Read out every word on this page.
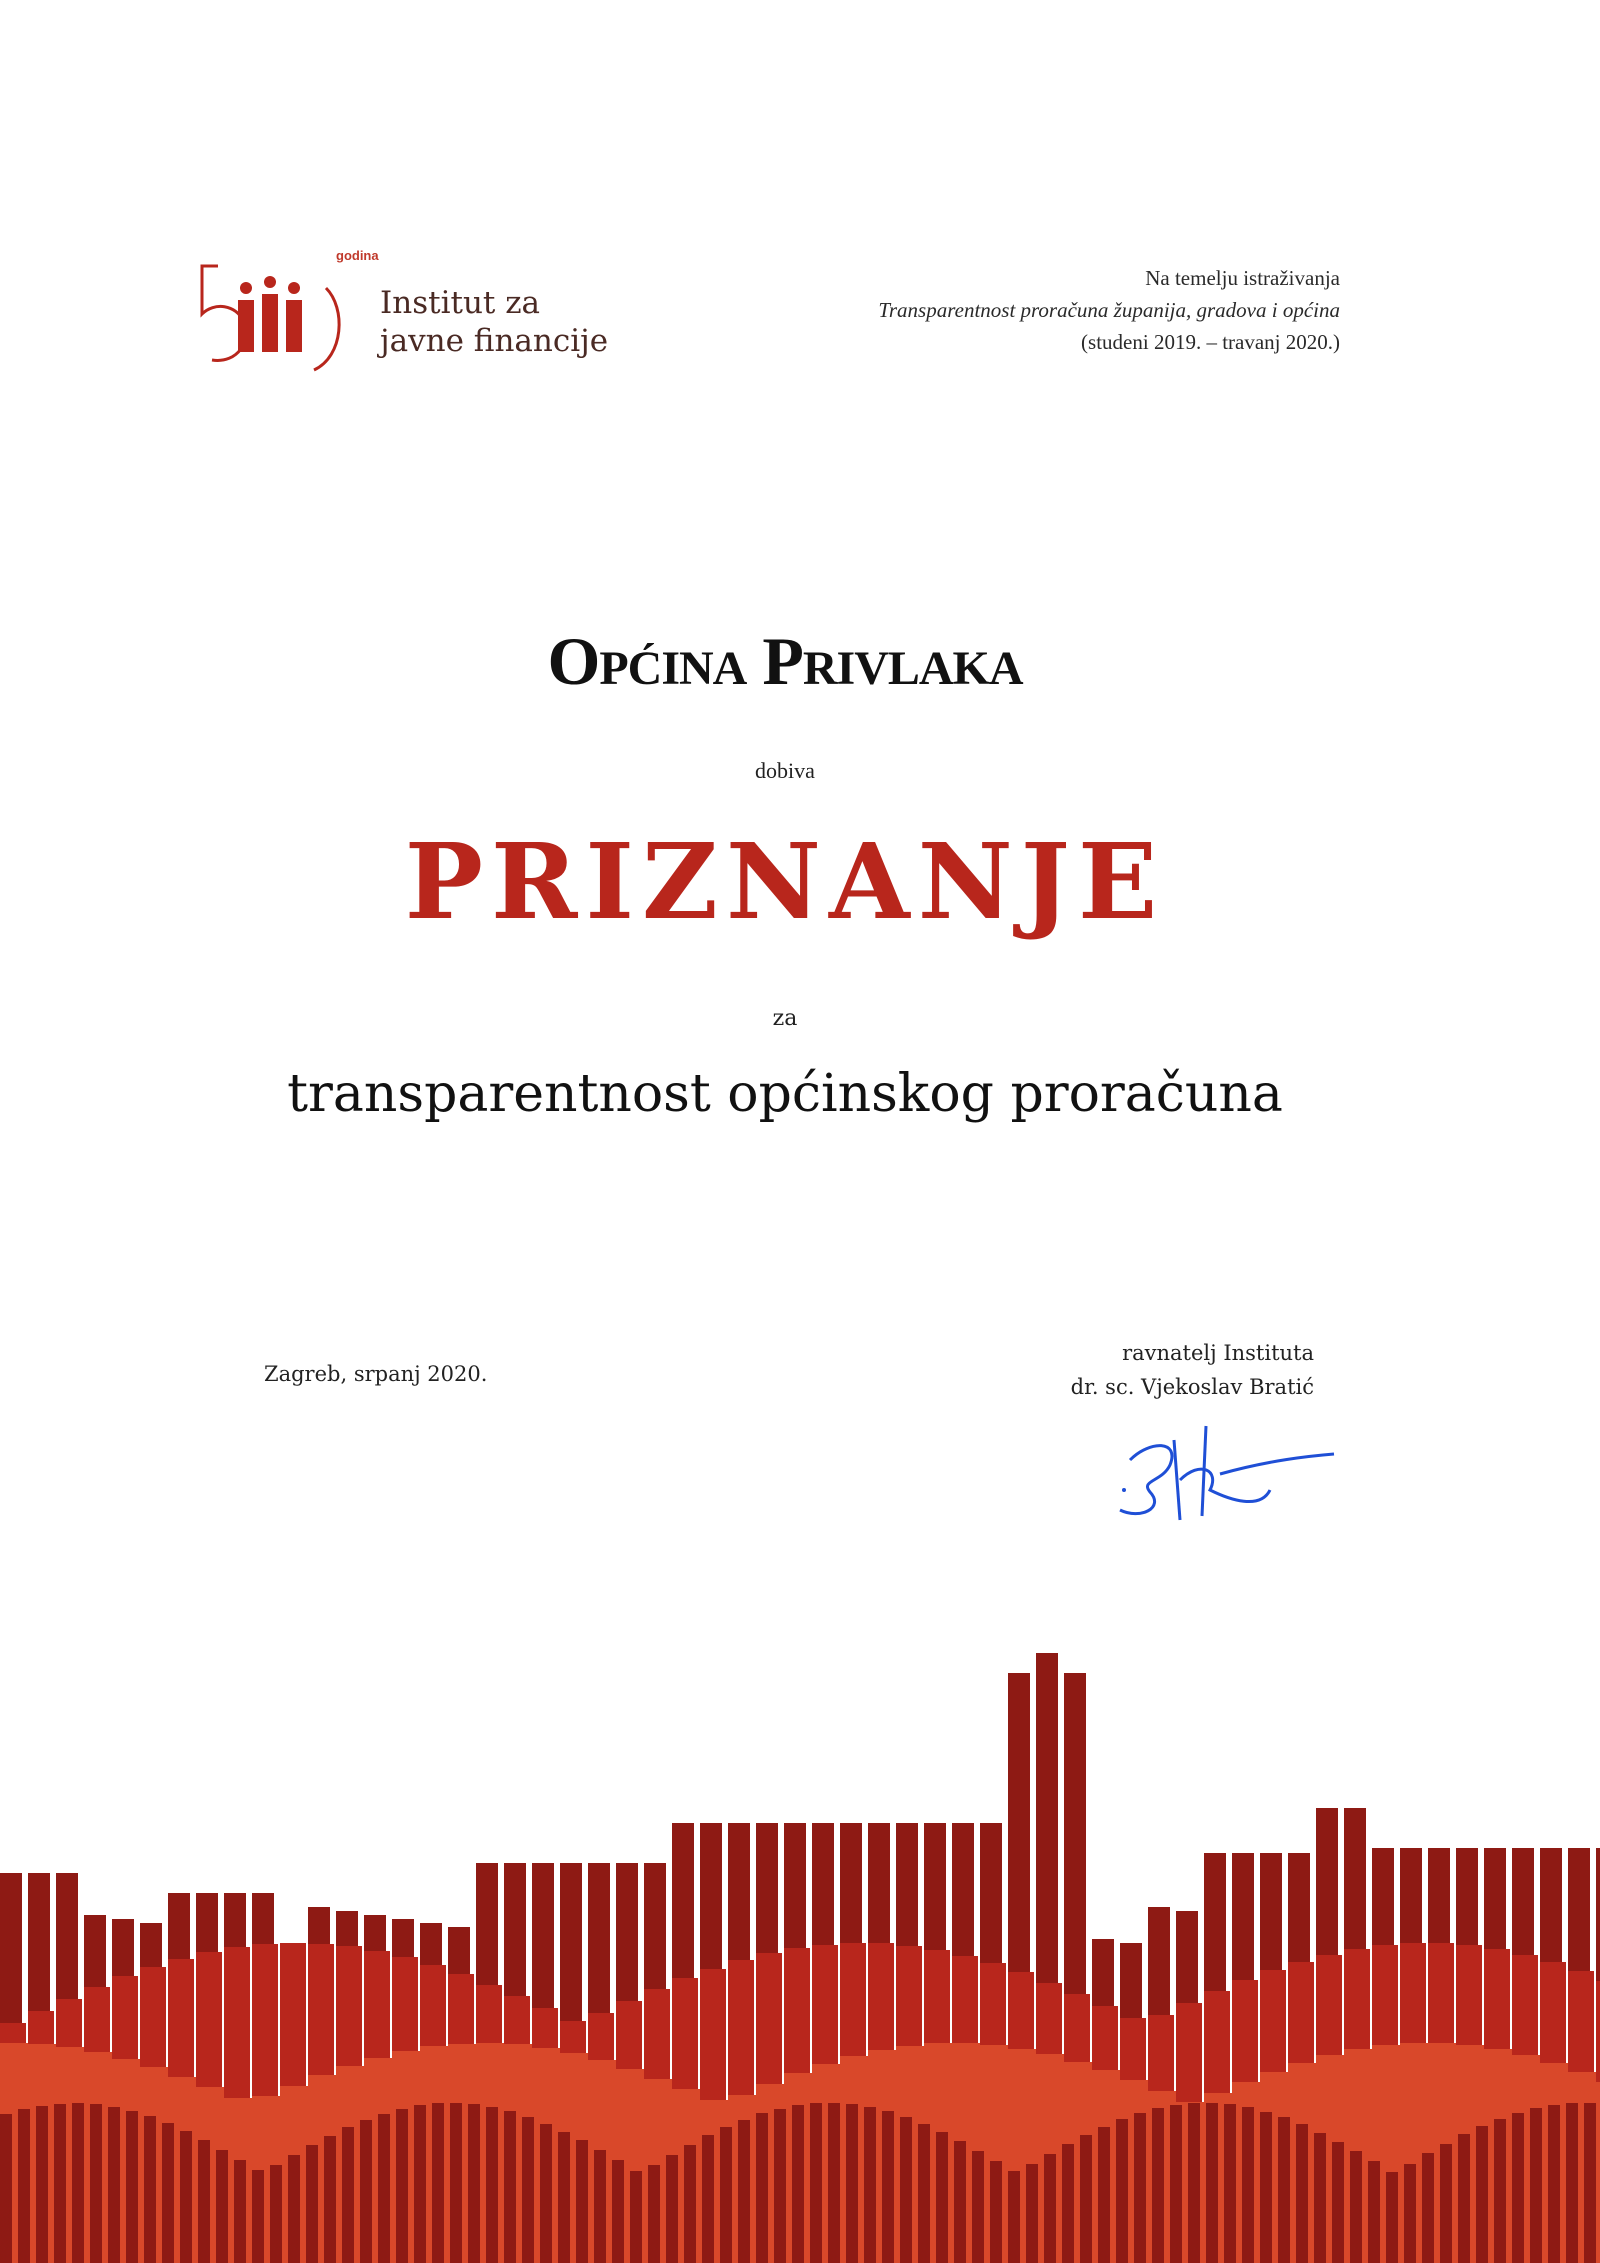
godina
Institut za
javne financije
Na temelju istraživanja
Transparentnost proračuna županija, gradova i općina
(studeni 2019. – travanj 2020.)
Općina Privlaka
dobiva
PRIZNANJE
za
transparentnost općinskog proračuna
Zagreb, srpanj 2020.
ravnatelj Instituta
dr. sc. Vjekoslav Bratić
